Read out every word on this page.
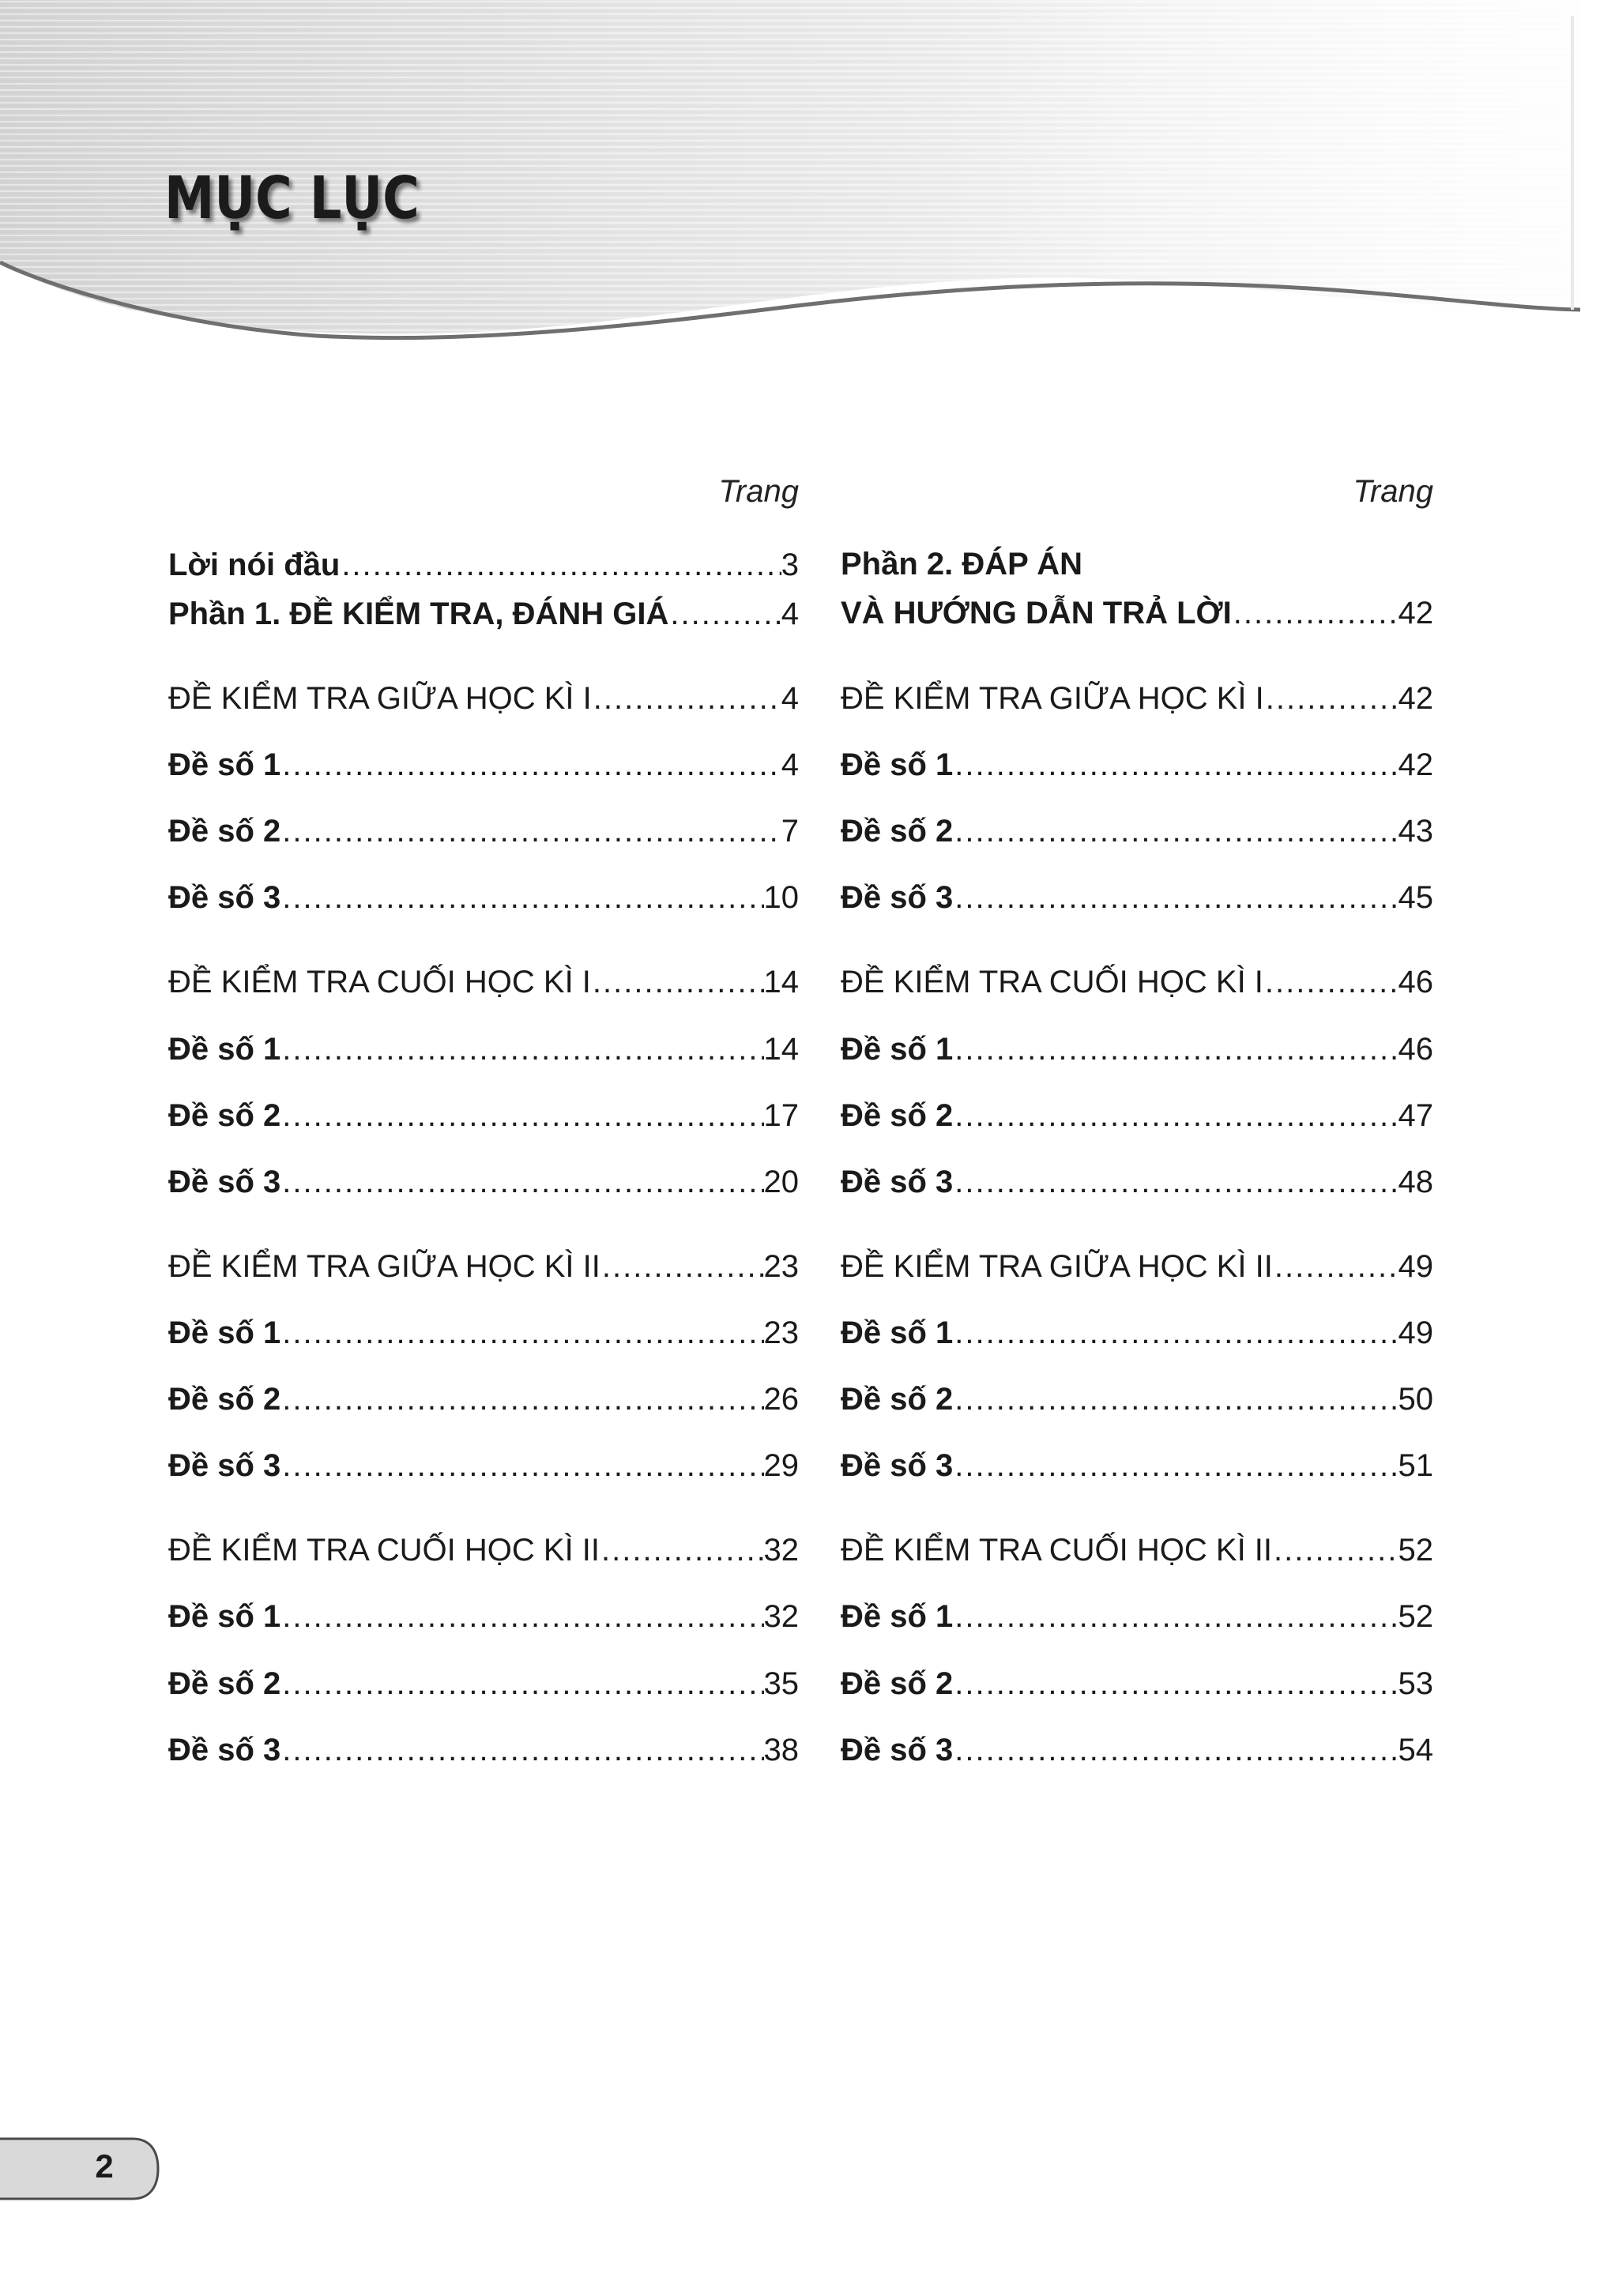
MỤC LỤC
Trang
Lời nói đầu .....	3
Phần 1. ĐỀ KIỂM TRA, ĐÁNH GIÁ .....	4
ĐỀ KIỂM TRA GIỮA HỌC KÌ I .....	4
Đề số 1 .....	4
Đề số 2 .....	7
Đề số 3 .....	10
ĐỀ KIỂM TRA CUỐI HỌC KÌ I .....	14
Đề số 1 .....	14
Đề số 2 .....	17
Đề số 3 .....	20
ĐỀ KIỂM TRA GIỮA HỌC KÌ II .....	23
Đề số 1 .....	23
Đề số 2 .....	26
Đề số 3 .....	29
ĐỀ KIỂM TRA CUỐI HỌC KÌ II .....	32
Đề số 1 .....	32
Đề số 2 .....	35
Đề số 3 .....	38
Trang
Phần 2. ĐÁP ÁN
VÀ HƯỚNG DẪN TRẢ LỜI .....	42
ĐỀ KIỂM TRA GIỮA HỌC KÌ I .....	42
Đề số 1 .....	42
Đề số 2 .....	43
Đề số 3 .....	45
ĐỀ KIỂM TRA CUỐI HỌC KÌ I .....	46
Đề số 1 .....	46
Đề số 2 .....	47
Đề số 3 .....	48
ĐỀ KIỂM TRA GIỮA HỌC KÌ II .....	49
Đề số 1 .....	49
Đề số 2 .....	50
Đề số 3 .....	51
ĐỀ KIỂM TRA CUỐI HỌC KÌ II .....	52
Đề số 1 .....	52
Đề số 2 .....	53
Đề số 3 .....	54
2
